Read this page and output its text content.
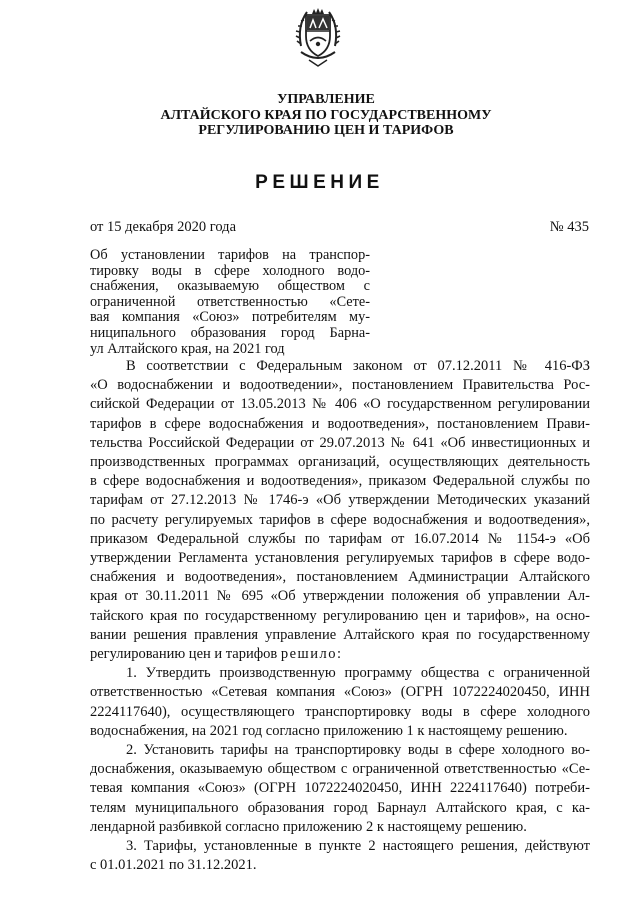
УПРАВЛЕНИЕ
АЛТАЙСКОГО КРАЯ ПО ГОСУДАРСТВЕННОМУ
РЕГУЛИРОВАНИЮ ЦЕН И ТАРИФОВ
РЕШЕНИЕ
от 15 декабря 2020 года	№ 435
Об установлении тарифов на транспор-
тировку воды в сфере холодного водо-
снабжения, оказываемую обществом с
ограниченной ответственностью «Сете-
вая компания «Союз» потребителям му-
ниципального образования город Барна-
ул Алтайского края, на 2021 год
В соответствии с Федеральным законом от 07.12.2011 № 416-ФЗ
«О водоснабжении и водоотведении», постановлением Правительства Рос-
сийской Федерации от 13.05.2013 № 406 «О государственном регулировании
тарифов в сфере водоснабжения и водоотведения», постановлением Прави-
тельства Российской Федерации от 29.07.2013 № 641 «Об инвестиционных и
производственных программах организаций, осуществляющих деятельность
в сфере водоснабжения и водоотведения», приказом Федеральной службы по
тарифам от 27.12.2013 № 1746-э «Об утверждении Методических указаний
по расчету регулируемых тарифов в сфере водоснабжения и водоотведения»,
приказом Федеральной службы по тарифам от 16.07.2014 № 1154-э «Об
утверждении Регламента установления регулируемых тарифов в сфере водо-
снабжения и водоотведения», постановлением Администрации Алтайского
края от 30.11.2011 № 695 «Об утверждении положения об управлении Ал-
тайского края по государственному регулированию цен и тарифов», на осно-
вании решения правления управление Алтайского края по государственному
регулированию цен и тарифов решило:
1. Утвердить производственную программу общества с ограниченной
ответственностью «Сетевая компания «Союз» (ОГРН 1072224020450, ИНН
2224117640), осуществляющего транспортировку воды в сфере холодного
водоснабжения, на 2021 год согласно приложению 1 к настоящему решению.
2. Установить тарифы на транспортировку воды в сфере холодного во-
доснабжения, оказываемую обществом с ограниченной ответственностью «Се-
тевая компания «Союз» (ОГРН 1072224020450, ИНН 2224117640) потреби-
телям муниципального образования город Барнаул Алтайского края, с ка-
лендарной разбивкой согласно приложению 2 к настоящему решению.
3. Тарифы, установленные в пункте 2 настоящего решения, действуют
с 01.01.2021 по 31.12.2021.
